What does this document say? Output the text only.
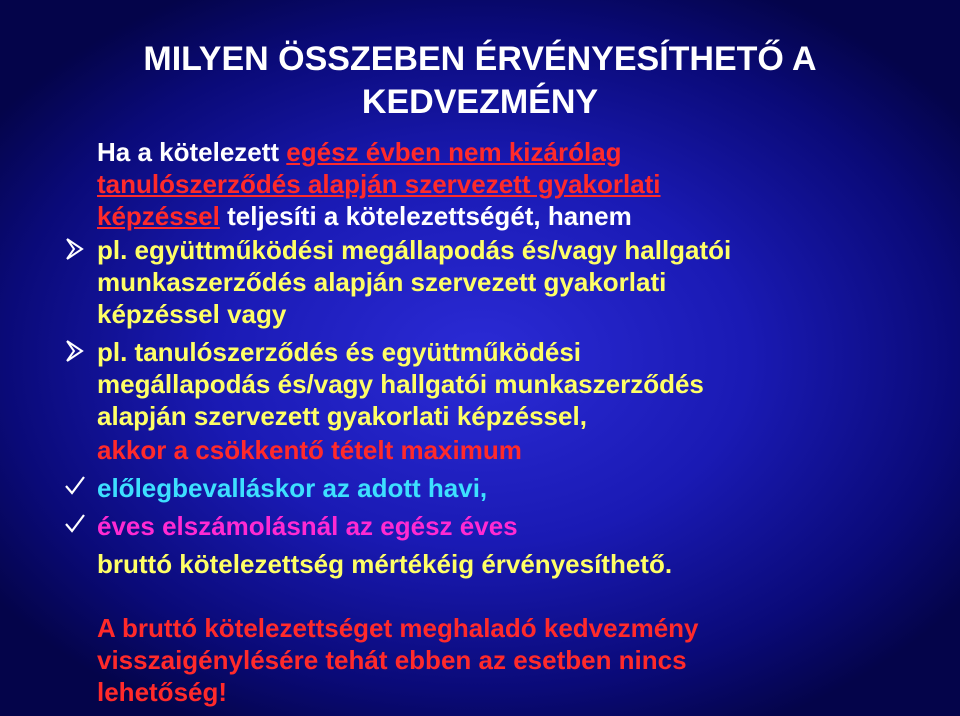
MILYEN ÖSSZEBEN ÉRVÉNYESÍTHETŐ A
KEDVEZMÉNY

Ha a kötelezett egész évben nem kizárólag

tanulószerződés alapján szervezett gyakorlati

képzéssel teljesíti a kötelezettségét, hanem

pl. együttműködési megállapodás és/vagy hallgatói

munkaszerződés alapján szervezett gyakorlati

képzéssel vagy

pl. tanulószerződés és együttműködési

megállapodás és/vagy hallgatói munkaszerződés

alapján szervezett gyakorlati képzéssel,

akkor a csökkentő tételt maximum

előlegbevalláskor az adott havi,

éves elszámolásnál az egész éves

bruttó kötelezettség mértékéig érvényesíthető.

A bruttó kötelezettséget meghaladó kedvezmény

visszaigénylésére tehát ebben az esetben nincs

lehetőség!
